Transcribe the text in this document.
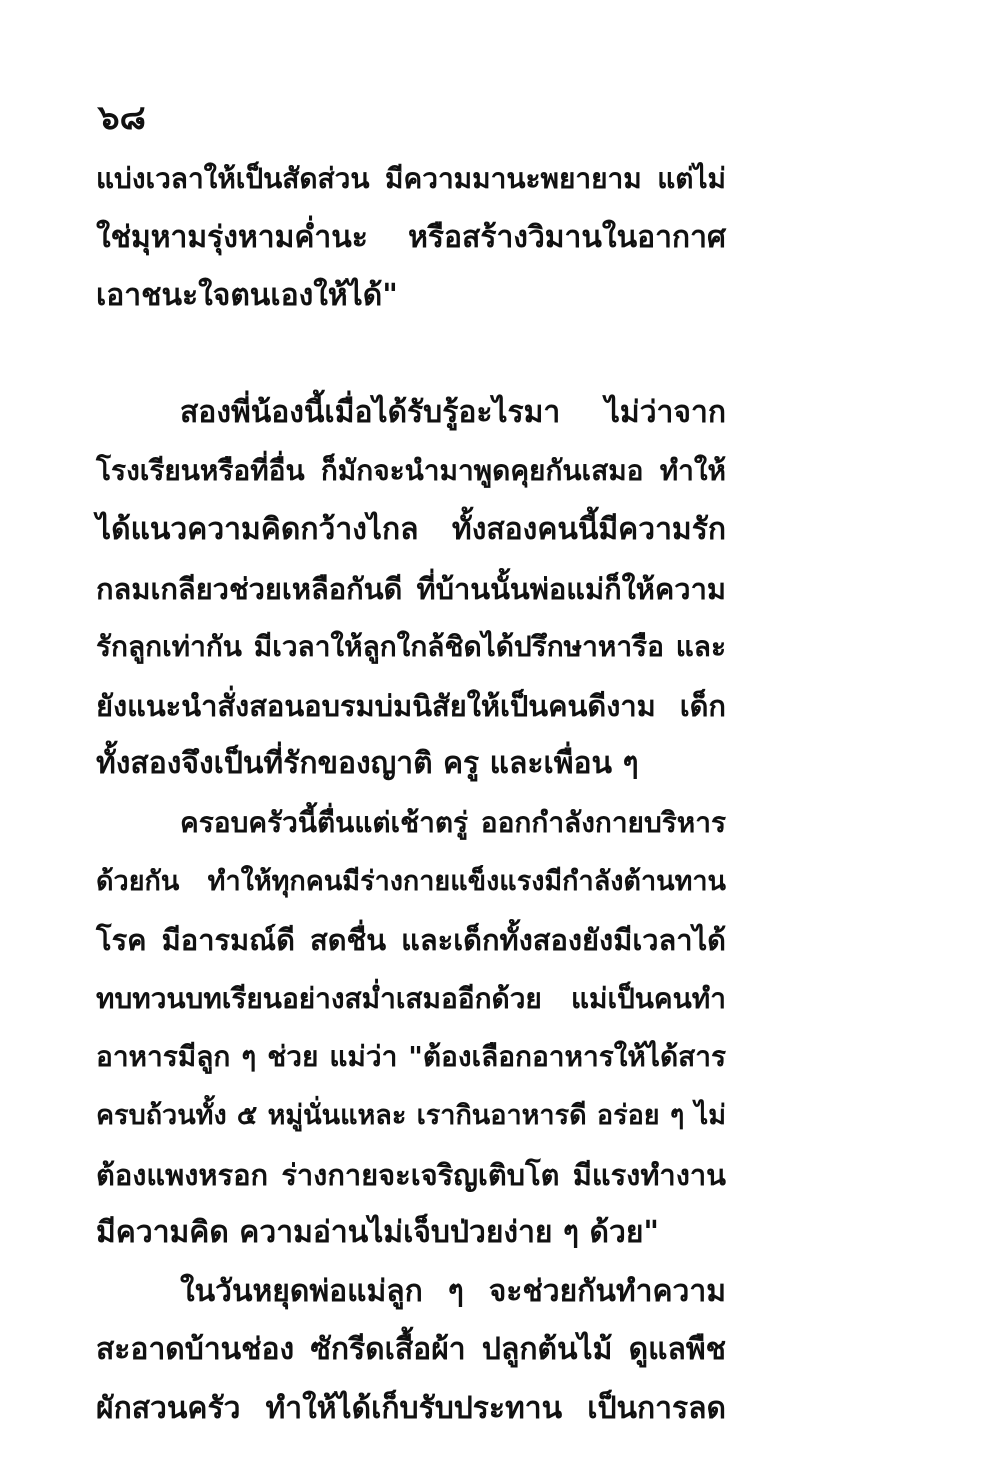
๖๘
แบ่งเวลาให้เป็นสัดส่วน มีความมานะพยายาม แต่ไม่
ใช่มุหามรุ่งหามค่ำนะ หรือสร้างวิมานในอากาศ
เอาชนะใจตนเองให้ได้"
สองพี่น้องนี้เมื่อได้รับรู้อะไรมา ไม่ว่าจาก
โรงเรียนหรือที่อื่น ก็มักจะนำมาพูดคุยกันเสมอ ทำให้
ได้แนวความคิดกว้างไกล ทั้งสองคนนี้มีความรัก
กลมเกลียวช่วยเหลือกันดี ที่บ้านนั้นพ่อแม่ก็ให้ความ
รักลูกเท่ากัน มีเวลาให้ลูกใกล้ชิดได้ปรึกษาหารือ และ
ยังแนะนำสั่งสอนอบรมบ่มนิสัยให้เป็นคนดีงาม เด็ก
ทั้งสองจึงเป็นที่รักของญาติ ครู และเพื่อน ๆ
ครอบครัวนี้ตื่นแต่เช้าตรู่ ออกกำลังกายบริหาร
ด้วยกัน ทำให้ทุกคนมีร่างกายแข็งแรงมีกำลังต้านทาน
โรค มีอารมณ์ดี สดชื่น และเด็กทั้งสองยังมีเวลาได้
ทบทวนบทเรียนอย่างสม่ำเสมออีกด้วย แม่เป็นคนทำ
อาหารมีลูก ๆ ช่วย แม่ว่า "ต้องเลือกอาหารให้ได้สาร
ครบถ้วนทั้ง ๕ หมู่นั่นแหละ เรากินอาหารดี อร่อย ๆ ไม่
ต้องแพงหรอก ร่างกายจะเจริญเติบโต มีแรงทำงาน
มีความคิด ความอ่านไม่เจ็บป่วยง่าย ๆ ด้วย"
ในวันหยุดพ่อแม่ลูก ๆ จะช่วยกันทำความ
สะอาดบ้านช่อง ซักรีดเสื้อผ้า ปลูกต้นไม้ ดูแลพืช
ผักสวนครัว ทำให้ได้เก็บรับประทาน เป็นการลด
